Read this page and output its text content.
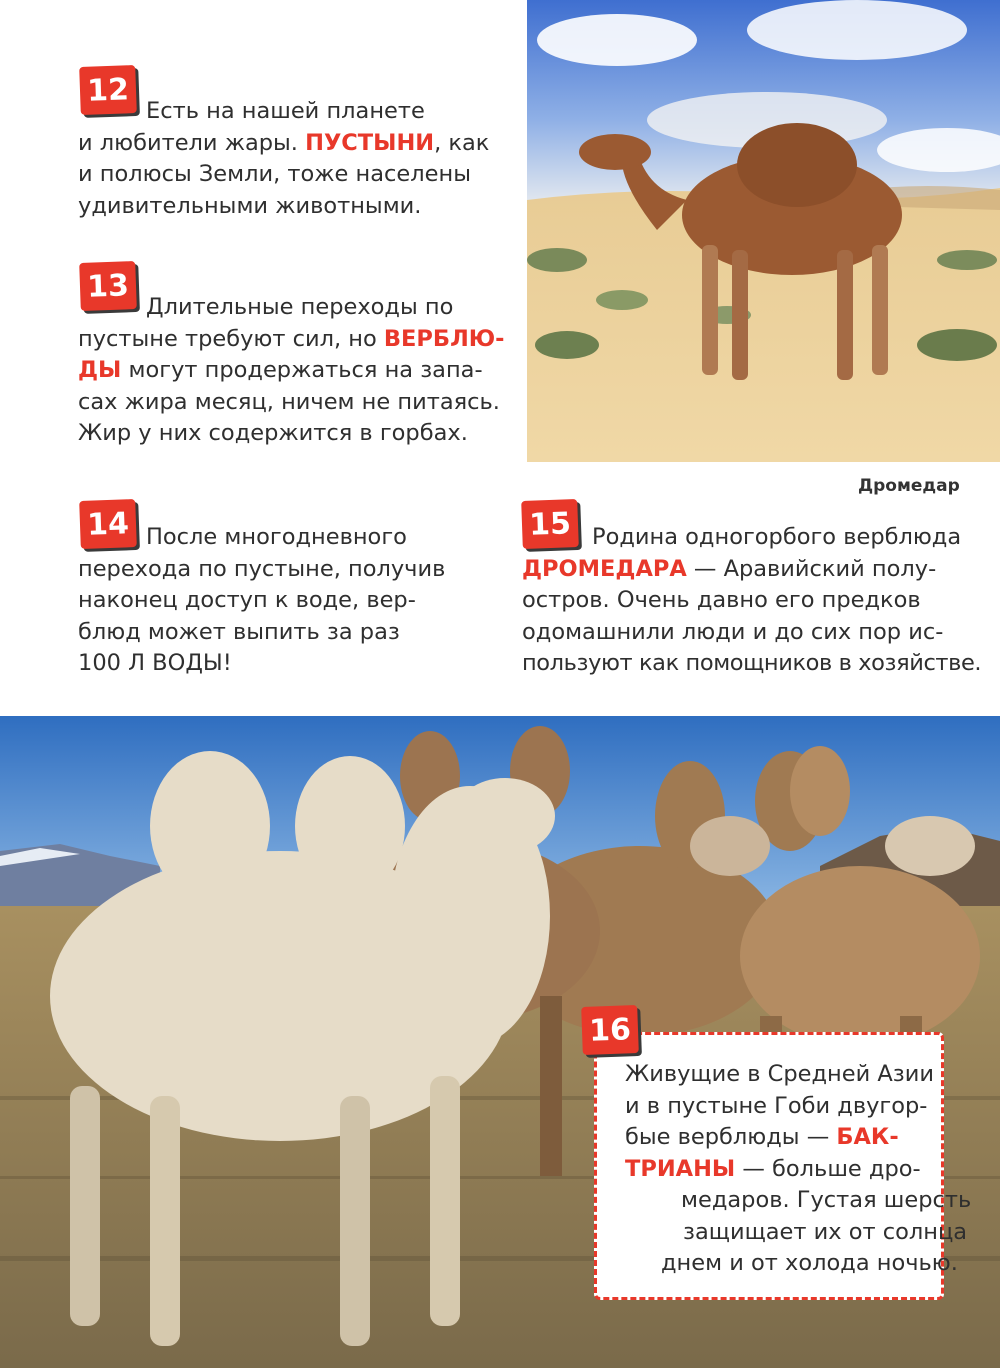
Дромедар
12
Есть на нашей планете
и любители жары. ПУСТЫНИ, как
и полюсы Земли, тоже населены
удивительными животными.
13
Длительные переходы по
пустыне требуют сил, но ВЕРБЛЮ-
ДЫ могут продержаться на запа-
сах жира месяц, ничем не питаясь.
Жир у них содержится в горбах.
14 После многодневного
перехода по пустыне, получив
наконец доступ к воде, вер-
блюд может выпить за раз
100 Л ВОДЫ!
15 Родина одногорбого верблюда
ДРОМЕДАРА — Аравийский полу-
остров. Очень давно его предков
одомашнили люди и до сих пор ис-
пользуют как помощников в хозяйстве.
Живущие в Средней Азии
и в пустыне Гоби двугор-
бые верблюды — БАК-
ТРИАНЫ — больше дро-
медаров. Густая шерсть
защищает их от солнца
днем и от холода ночью.
16
